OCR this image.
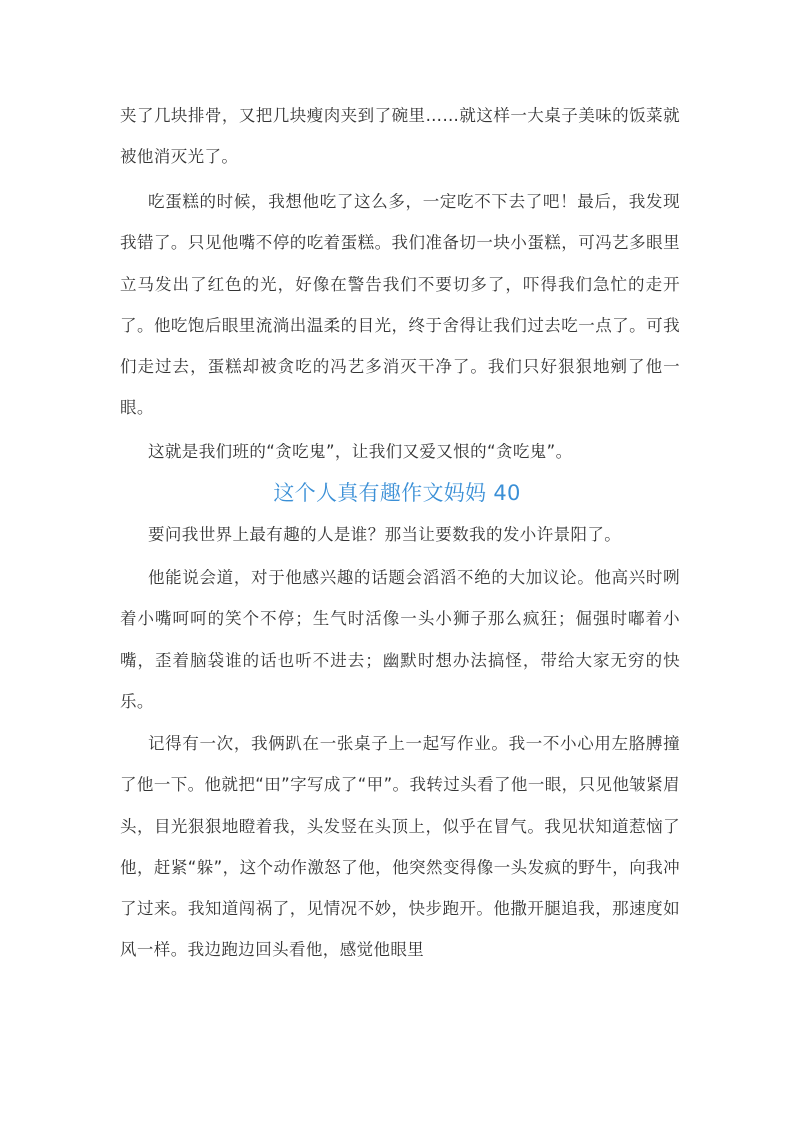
夹了几块排骨，又把几块瘦肉夹到了碗里……就这样一大桌子美味的饭菜就被他消灭光了。

吃蛋糕的时候，我想他吃了这么多，一定吃不下去了吧！最后，我发现我错了。只见他嘴不停的吃着蛋糕。我们准备切一块小蛋糕，可冯艺多眼里立马发出了红色的光，好像在警告我们不要切多了，吓得我们急忙的走开了。他吃饱后眼里流淌出温柔的目光，终于舍得让我们过去吃一点了。可我们走过去，蛋糕却被贪吃的冯艺多消灭干净了。我们只好狠狠地剜了他一眼。

这就是我们班的“贪吃鬼”，让我们又爱又恨的“贪吃鬼”。

这个人真有趣作文妈妈 40

要问我世界上最有趣的人是谁？那当让要数我的发小许景阳了。

他能说会道，对于他感兴趣的话题会滔滔不绝的大加议论。他高兴时咧着小嘴呵呵的笑个不停；生气时活像一头小狮子那么疯狂；倔强时嘟着小嘴，歪着脑袋谁的话也听不进去；幽默时想办法搞怪，带给大家无穷的快乐。

记得有一次，我俩趴在一张桌子上一起写作业。我一不小心用左胳膊撞了他一下。他就把“田”字写成了“甲”。我转过头看了他一眼，只见他皱紧眉头，目光狠狠地瞪着我，头发竖在头顶上，似乎在冒气。我见状知道惹恼了他，赶紧“躲”，这个动作激怒了他，他突然变得像一头发疯的野牛，向我冲了过来。我知道闯祸了，见情况不妙，快步跑开。他撒开腿追我，那速度如风一样。我边跑边回头看他，感觉他眼里
